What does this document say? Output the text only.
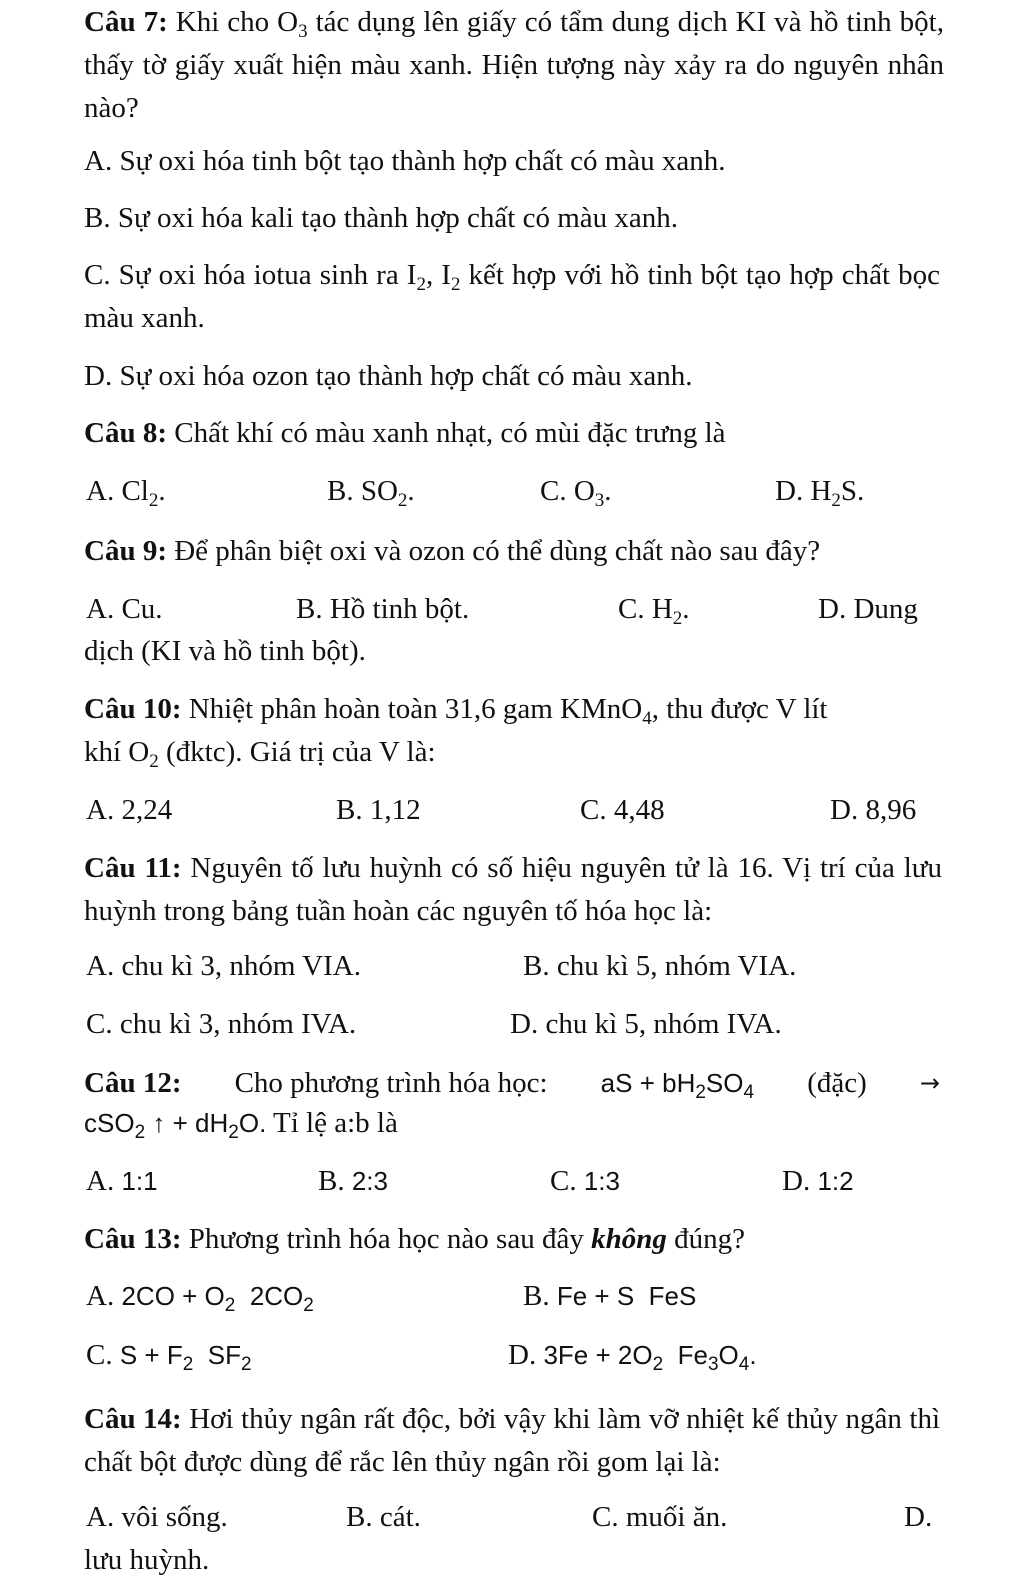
Câu 7: Khi cho $O_3$ tác dụng lên giấy có tẩm dung dịch KI và hồ tinh bột, thấy tờ giấy xuất hiện màu xanh. Hiện tượng này xảy ra do nguyên nhân nào?
A. Sự oxi hóa tinh bột tạo thành hợp chất có màu xanh.
B. Sự oxi hóa kali tạo thành hợp chất có màu xanh.
C. Sự oxi hóa iotua sinh ra $I_2$, $I_2$ kết hợp với hồ tinh bột tạo hợp chất bọc màu xanh.
D. Sự oxi hóa ozon tạo thành hợp chất có màu xanh.
Câu 8: Chất khí có màu xanh nhạt, có mùi đặc trưng là
A. $Cl_2$.	B. $SO_2$.	C. $O_3$.	D. $H_2S$.
Câu 9: Để phân biệt oxi và ozon có thể dùng chất nào sau đây?
A. Cu.	B. Hồ tinh bột.	C. $H_2$.	D. Dung
dịch (KI và hồ tinh bột).
Câu 10: Nhiệt phân hoàn toàn 31,6 gam KMnO$_4$, thu được V lít
khí $O_2$ (đktc). Giá trị của V là:
A. 2,24	B. 1,12	C. 4,48	D. 8,96
Câu 11: Nguyên tố lưu huỳnh có số hiệu nguyên tử là 16. Vị trí của lưu huỳnh trong bảng tuần hoàn các nguyên tố hóa học là:
A. chu kì 3, nhóm VIA.	B. chu kì 5, nhóm VIA.
C. chu kì 3, nhóm IVA.	D. chu kì 5, nhóm IVA.
Câu 12: Cho phương trình hóa học: aS + $bH_2SO_4$ (đặc) →
cSO$_2$ ↑ + $dH_2O$. Tỉ lệ a:b là
A. 1:1	B. 2:3	C. 1:3	D. 1:2
Câu 13: Phương trình hóa học nào sau đây không đúng?
A. $2CO + O_2$ $2CO_2$	B. Fe + S FeS
C. $S + F_2$ $SF_2$	D. $3Fe + 2O_2$ $Fe_3O_4$.
Câu 14: Hơi thủy ngân rất độc, bởi vậy khi làm vỡ nhiệt kế thủy ngân thì chất bột được dùng để rắc lên thủy ngân rồi gom lại là:
A. vôi sống.	B. cát.	C. muối ăn.	D.
lưu huỳnh.
